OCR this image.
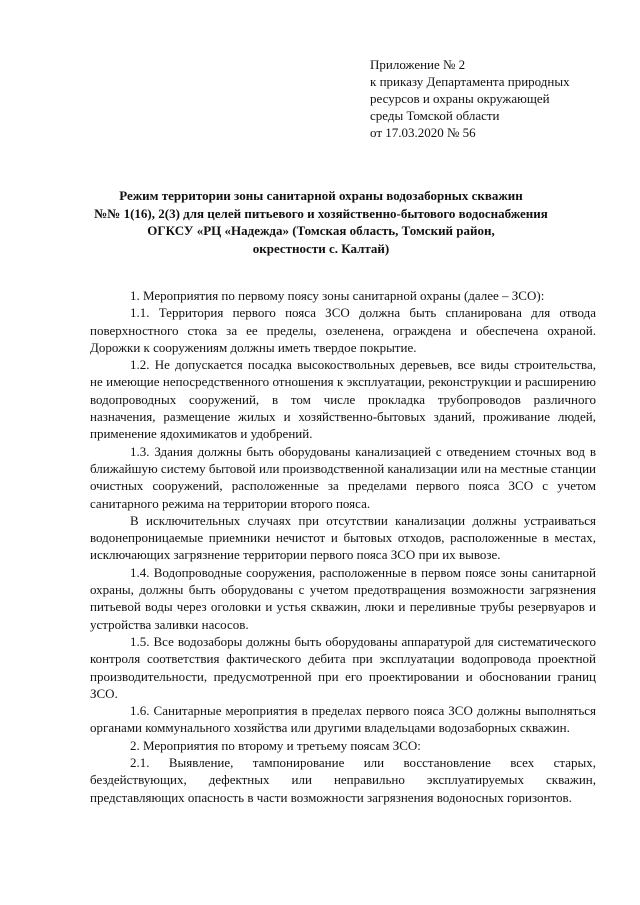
Приложение № 2
к приказу Департамента природных
ресурсов и охраны окружающей
среды Томской области
от 17.03.2020 № 56
Режим территории зоны санитарной охраны водозаборных скважин
№№ 1(16), 2(3) для целей питьевого и хозяйственно-бытового водоснабжения
ОГКСУ «РЦ «Надежда» (Томская область, Томский район,
окрестности с. Калтай)

1. Мероприятия по первому поясу зоны санитарной охраны (далее – ЗСО):

1.1. Территория первого пояса ЗСО должна быть спланирована для отвода поверхностного стока за ее пределы, озеленена, ограждена и обеспечена охраной. Дорожки к сооружениям должны иметь твердое покрытие.

1.2. Не допускается посадка высокоствольных деревьев, все виды строительства, не имеющие непосредственного отношения к эксплуатации, реконструкции и расширению водопроводных сооружений, в том числе прокладка трубопроводов различного назначения, размещение жилых и хозяйственно-бытовых зданий, проживание людей, применение ядохимикатов и удобрений.

1.3. Здания должны быть оборудованы канализацией с отведением сточных вод в ближайшую систему бытовой или производственной канализации или на местные станции очистных сооружений, расположенные за пределами первого пояса ЗСО с учетом санитарного режима на территории второго пояса.

В исключительных случаях при отсутствии канализации должны устраиваться водонепроницаемые приемники нечистот и бытовых отходов, расположенные в местах, исключающих загрязнение территории первого пояса ЗСО при их вывозе.

1.4. Водопроводные сооружения, расположенные в первом поясе зоны санитарной охраны, должны быть оборудованы с учетом предотвращения возможности загрязнения питьевой воды через оголовки и устья скважин, люки и переливные трубы резервуаров и устройства заливки насосов.

1.5. Все водозаборы должны быть оборудованы аппаратурой для систематического контроля соответствия фактического дебита при эксплуатации водопровода проектной производительности, предусмотренной при его проектировании и обосновании границ ЗСО.

1.6. Санитарные мероприятия в пределах первого пояса ЗСО должны выполняться органами коммунального хозяйства или другими владельцами водозаборных скважин.

2. Мероприятия по второму и третьему поясам ЗСО:

2.1. Выявление, тампонирование или восстановление всех старых, бездействующих, дефектных или неправильно эксплуатируемых скважин, представляющих опасность в части возможности загрязнения водоносных горизонтов.
